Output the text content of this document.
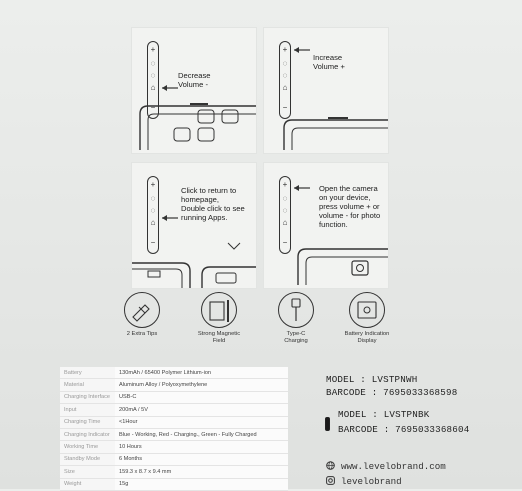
+
◌
◌
⌂
−
Decrease
Volume -
+
◌
◌
⌂
−
Increase
Volume +
+
◌
◌
⌂
−
Click to return to
homepage,
Double click to see
running Apps.
+
◌
◌
⌂
−
Open the camera
on your device,
press volume + or
volume - for photo
function.
2 Extra Tips	Strong Magnetic
Field
Type-C
Charging
Battery Indication
Display
Battery	130mAh / 65400 Polymer Lithium-ion
Material	Aluminum Alloy / Polyoxymethylene
Charging Interface	USB-C
Input	200mA / 5V
Charging Time	<1Hour
Charging Indicator	Blue - Working, Red - Charging., Green - Fully Charged
Working Time	10 Hours
Standby Mode	6 Months
Size	159.3 x 8.7 x 9.4 mm
Weight	15g
MODEL : LVSTPNWH
BARCODE : 7695033368598
MODEL : LVSTPNBK
BARCODE : 7695033368604
www.levelobrand.com
levelobrand
